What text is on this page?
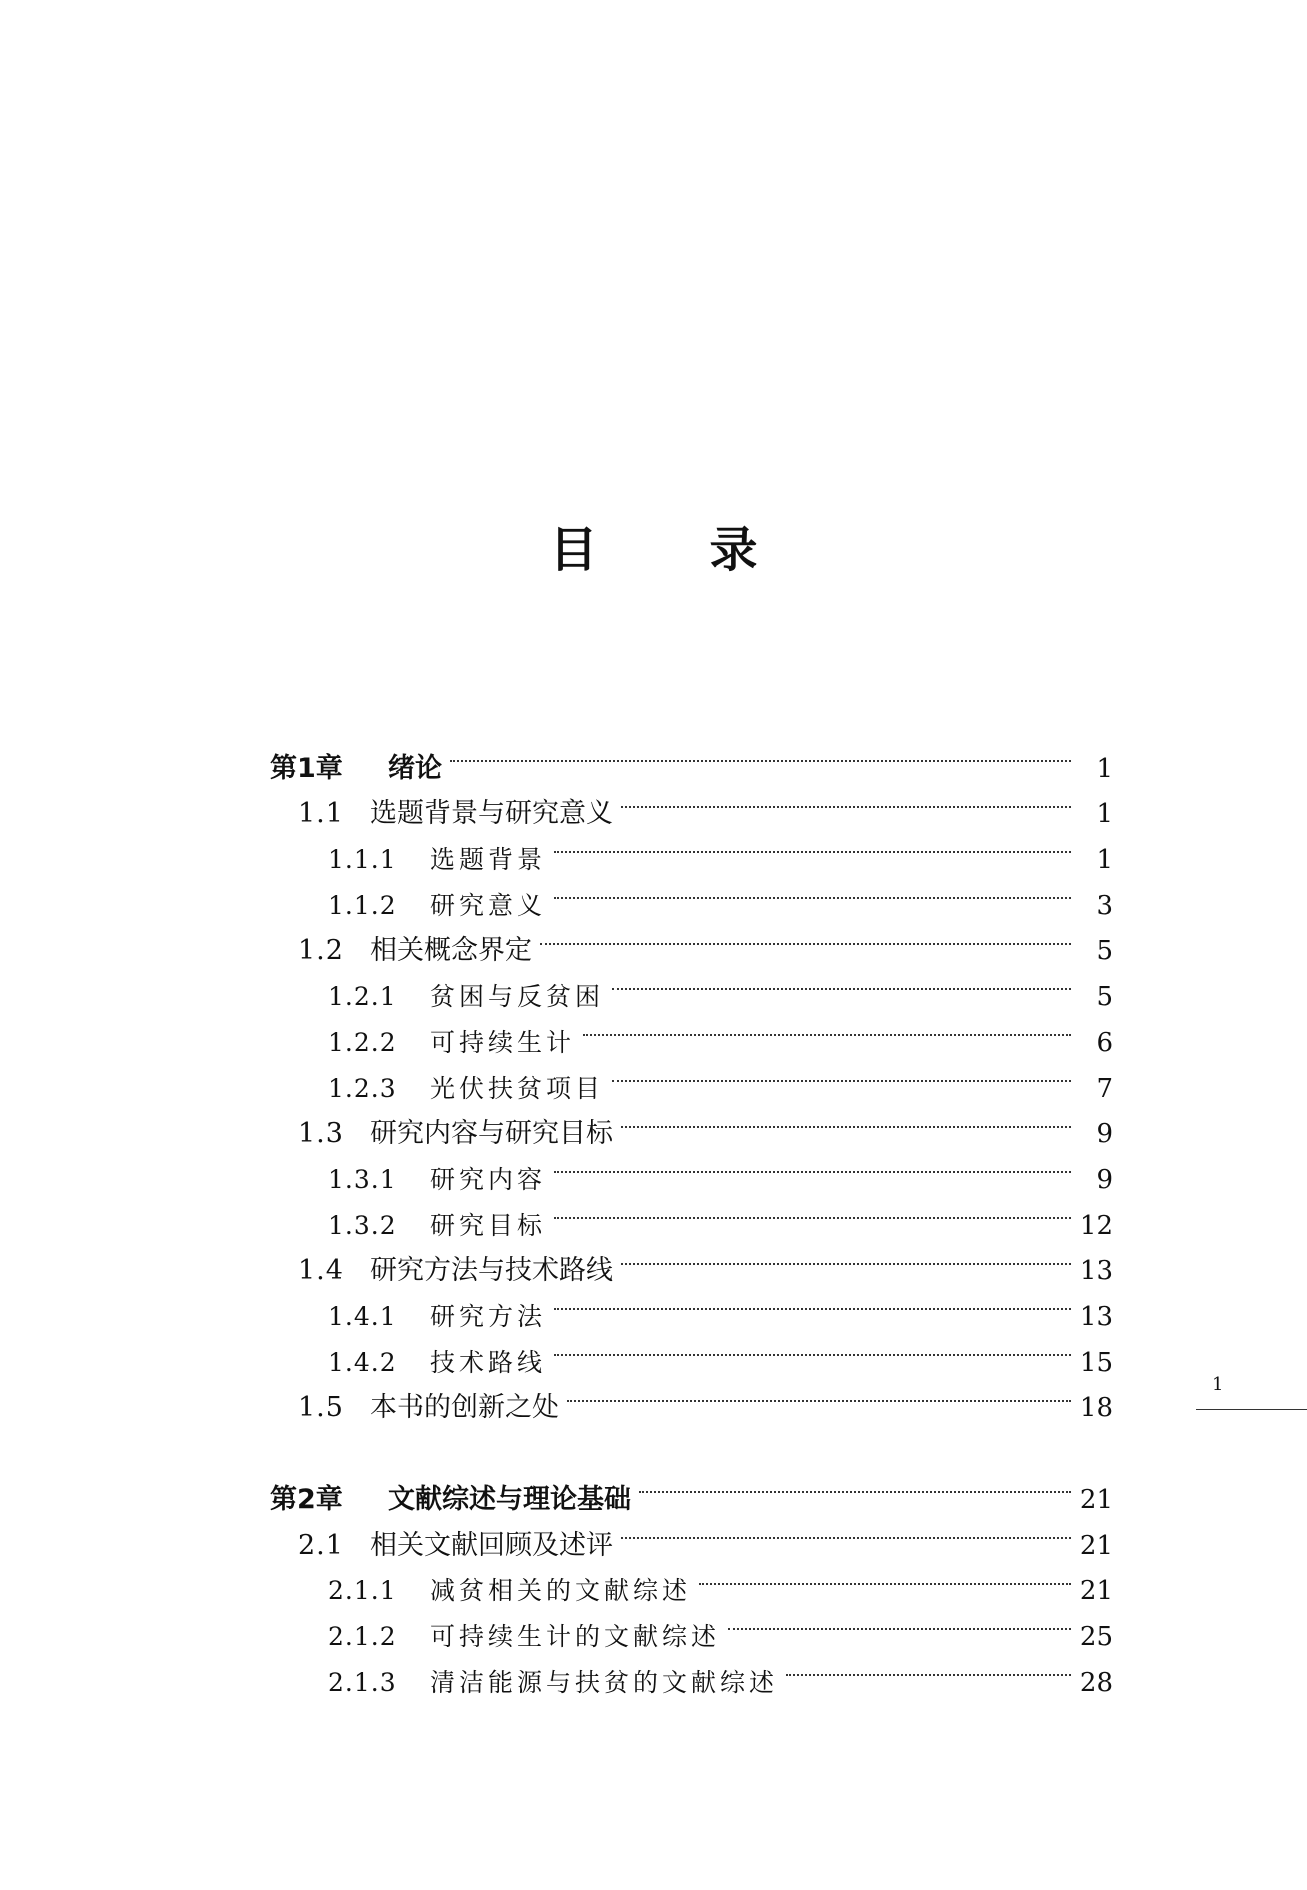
目 录
第1章	绪论	1
1.1 选题背景与研究意义	1
1.1.1	选题背景	1
1.1.2	研究意义	3
1.2 相关概念界定	5
1.2.1	贫困与反贫困	5
1.2.2	可持续生计	6
1.2.3	光伏扶贫项目	7
1.3 研究内容与研究目标	9
1.3.1	研究内容	9
1.3.2	研究目标	12
1.4 研究方法与技术路线	13
1.4.1	研究方法	13
1.4.2	技术路线	15
1.5 本书的创新之处	18
第2章	文献综述与理论基础	21
2.1 相关文献回顾及述评	21
2.1.1	减贫相关的文献综述	21
2.1.2	可持续生计的文献综述	25
2.1.3	清洁能源与扶贫的文献综述	28
1
